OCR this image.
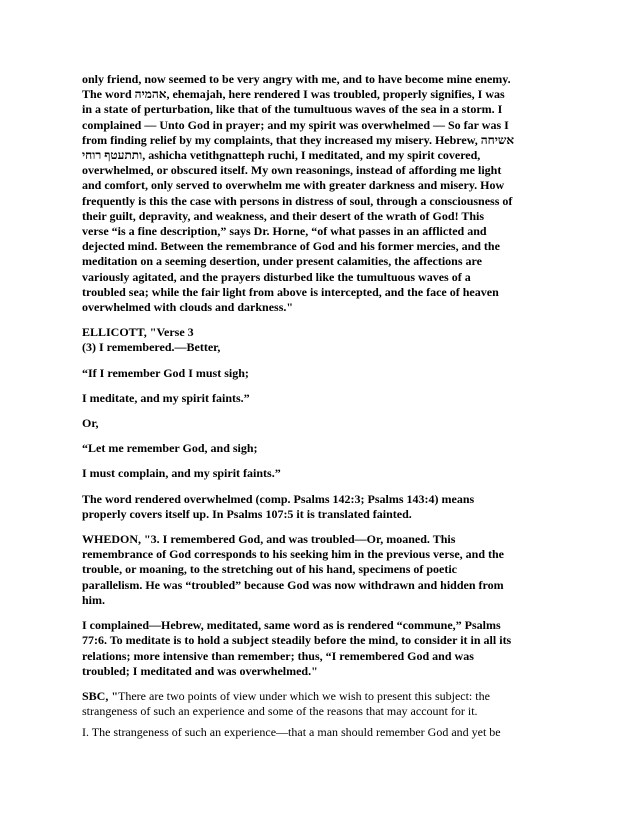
only friend, now seemed to be very angry with me, and to have become mine enemy.
The word אהמיה, ehemajah, here rendered I was troubled, properly signifies, I was
in a state of perturbation, like that of the tumultuous waves of the sea in a storm. I
complained — Unto God in prayer; and my spirit was overwhelmed — So far was I
from finding relief by my complaints, that they increased my misery. Hebrew, אשיחה
ותתעטף רוחי, ashicha vetithgnatteph ruchi, I meditated, and my spirit covered,
overwhelmed, or obscured itself. My own reasonings, instead of affording me light
and comfort, only served to overwhelm me with greater darkness and misery. How
frequently is this the case with persons in distress of soul, through a consciousness of
their guilt, depravity, and weakness, and their desert of the wrath of God! This
verse “is a fine description,” says Dr. Horne, “of what passes in an afflicted and
dejected mind. Between the remembrance of God and his former mercies, and the
meditation on a seeming desertion, under present calamities, the affections are
variously agitated, and the prayers disturbed like the tumultuous waves of a
troubled sea; while the fair light from above is intercepted, and the face of heaven
overwhelmed with clouds and darkness."
ELLICOTT, "Verse 3
(3) I remembered.—Better,
“If I remember God I must sigh;
I meditate, and my spirit faints.”
Or,
“Let me remember God, and sigh;
I must complain, and my spirit faints.”
The word rendered overwhelmed (comp. Psalms 142:3; Psalms 143:4) means
properly covers itself up. In Psalms 107:5 it is translated fainted.
WHEDON, "3. I remembered God, and was troubled—Or, moaned. This
remembrance of God corresponds to his seeking him in the previous verse, and the
trouble, or moaning, to the stretching out of his hand, specimens of poetic
parallelism. He was “troubled” because God was now withdrawn and hidden from
him.
I complained—Hebrew, meditated, same word as is rendered “commune,” Psalms
77:6. To meditate is to hold a subject steadily before the mind, to consider it in all its
relations; more intensive than remember; thus, “I remembered God and was
troubled; I meditated and was overwhelmed."
SBC, "There are two points of view under which we wish to present this subject: the
strangeness of such an experience and some of the reasons that may account for it.
I. The strangeness of such an experience—that a man should remember God and yet be
